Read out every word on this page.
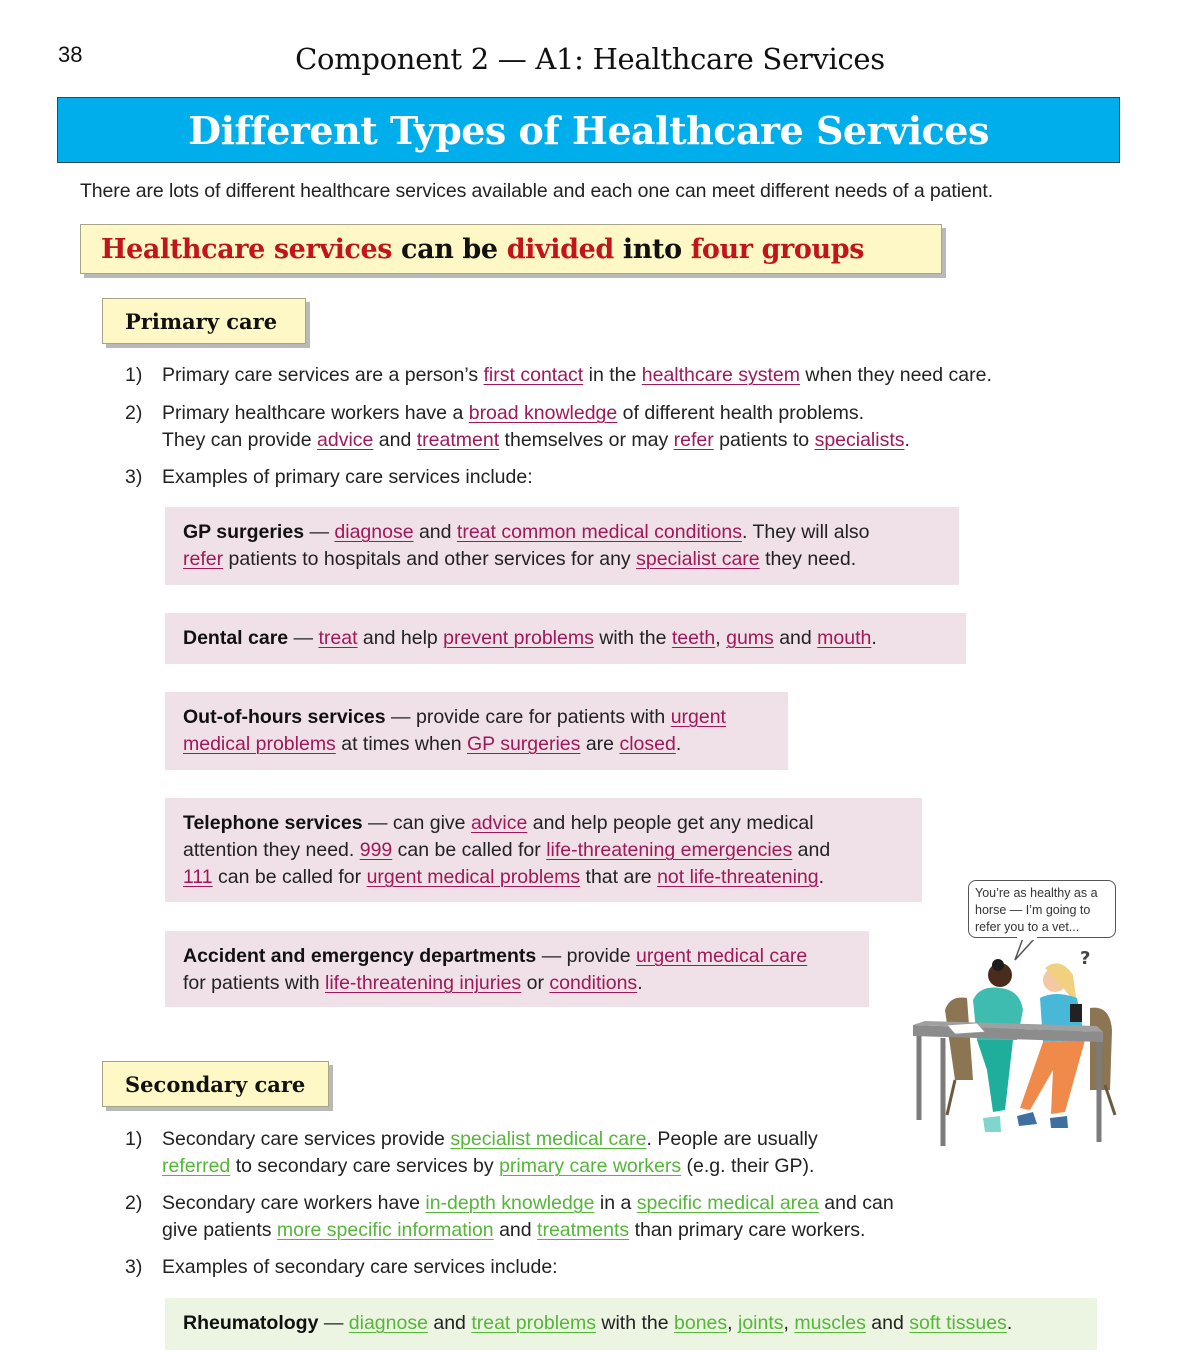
38	Component 2 — A1: Healthcare Services
Different Types of Healthcare Services
There are lots of different healthcare services available and each one can meet different needs of a patient.
Healthcare services can be divided into four groups
Primary care
1)	Primary care services are a person’s first contact in the healthcare system when they need care.
2)	Primary healthcare workers have a broad knowledge of different health problems.
They can provide advice and treatment themselves or may refer patients to specialists.
3)	Examples of primary care services include:
GP surgeries — diagnose and treat common medical conditions. They will also
refer patients to hospitals and other services for any specialist care they need.
Dental care — treat and help prevent problems with the teeth, gums and mouth.
Out-of-hours services — provide care for patients with urgent
medical problems at times when GP surgeries are closed.
Telephone services — can give advice and help people get any medical
attention they need. 999 can be called for life-threatening emergencies and
111 can be called for urgent medical problems that are not life-threatening.
Accident and emergency departments — provide urgent medical care
for patients with life-threatening injuries or conditions.
You’re as healthy as a horse — I’m going to refer you to a vet...
?
Secondary care
1)	Secondary care services provide specialist medical care. People are usually
referred to secondary care services by primary care workers (e.g. their GP).
2)	Secondary care workers have in-depth knowledge in a specific medical area and can
give patients more specific information and treatments than primary care workers.
3)	Examples of secondary care services include:
Rheumatology — diagnose and treat problems with the bones, joints, muscles and soft tissues.
